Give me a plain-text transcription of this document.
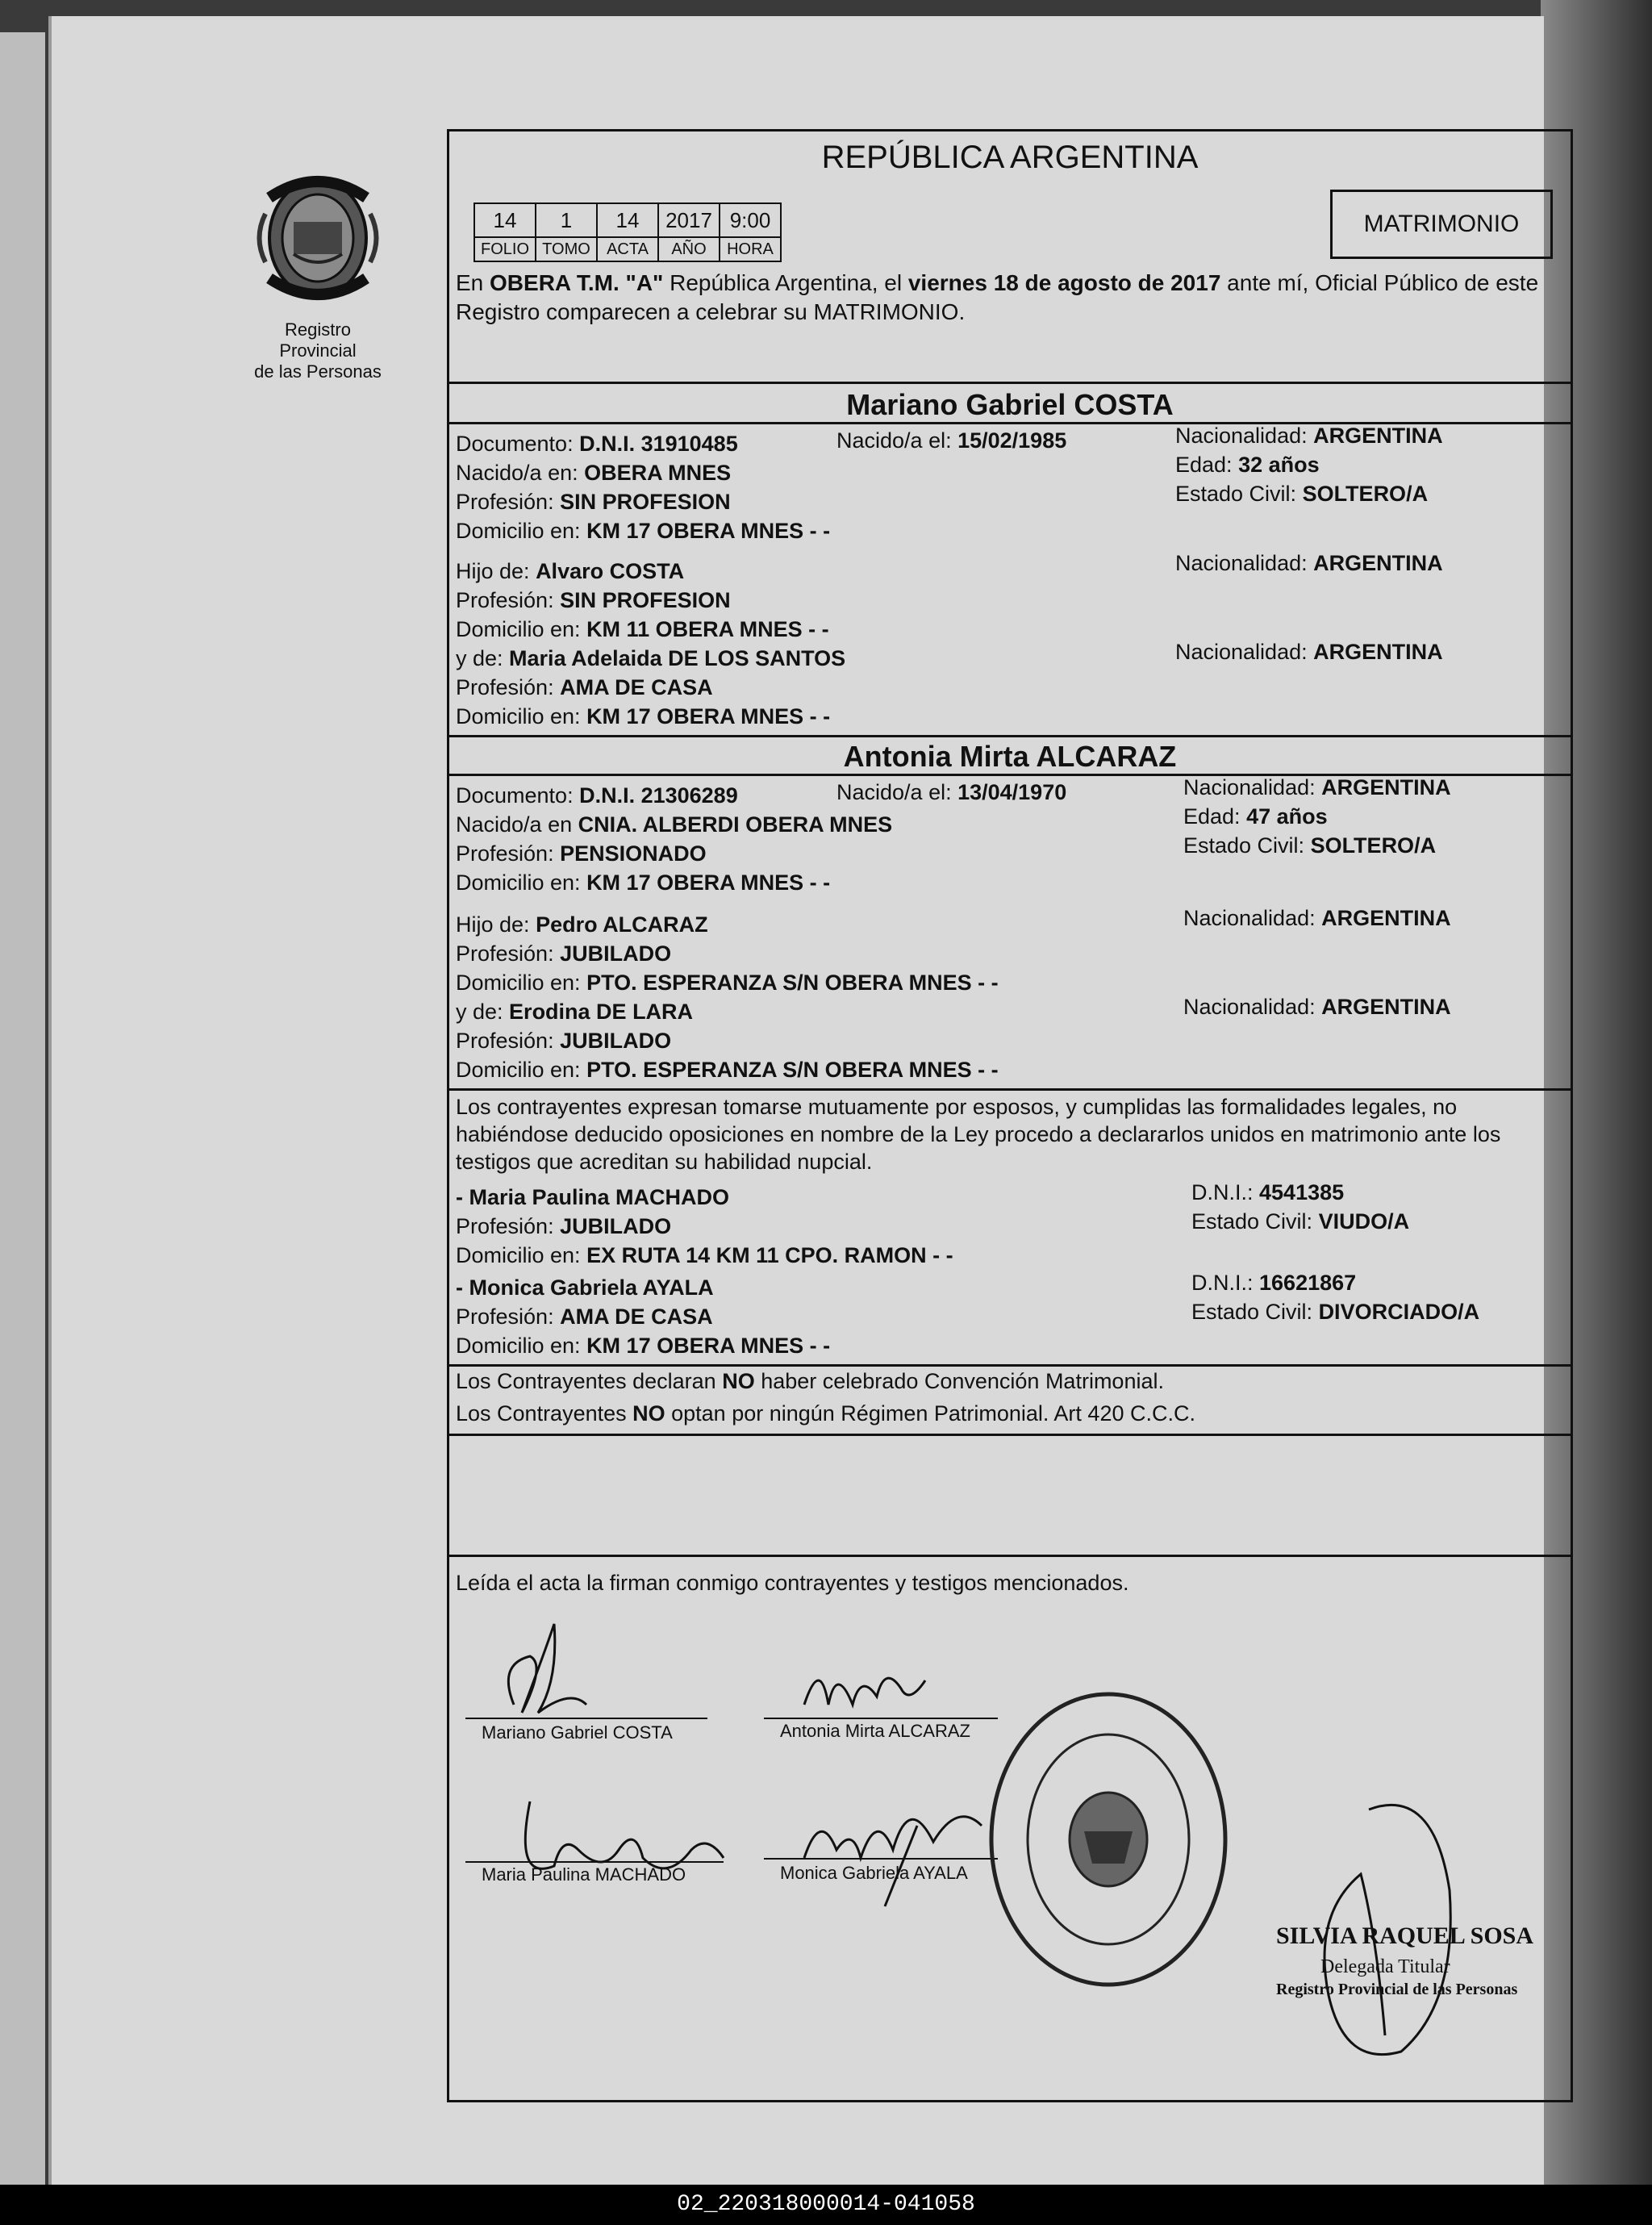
Registro Provincial
de las Personas
REPÚBLICA ARGENTINA
14	1	14	2017	9:00
FOLIO	TOMO	ACTA	AÑO	HORA
MATRIMONIO
En OBERA T.M. "A" República Argentina, el viernes 18 de agosto de 2017 ante mí, Oficial Público de este Registro comparecen a celebrar su MATRIMONIO.
Mariano Gabriel COSTA
Documento: D.N.I. 31910485	Nacido/a el: 15/02/1985	Nacionalidad: ARGENTINA
Edad: 32 años
Estado Civil: SOLTERO/A
Nacido/a en: OBERA MNES
Profesión: SIN PROFESION
Domicilio en: KM 17 OBERA MNES - -
Hijo de: Alvaro COSTA	Nacionalidad: ARGENTINA
Profesión: SIN PROFESION
Domicilio en: KM 11 OBERA MNES - -
y de: Maria Adelaida DE LOS SANTOS	Nacionalidad: ARGENTINA
Profesión: AMA DE CASA
Domicilio en: KM 17 OBERA MNES - -
Antonia Mirta ALCARAZ
Documento: D.N.I. 21306289	Nacido/a el: 13/04/1970	Nacionalidad: ARGENTINA
Edad: 47 años
Estado Civil: SOLTERO/A
Nacido/a en CNIA. ALBERDI OBERA MNES
Profesión: PENSIONADO
Domicilio en: KM 17 OBERA MNES - -
Hijo de: Pedro ALCARAZ	Nacionalidad: ARGENTINA
Profesión: JUBILADO
Domicilio en: PTO. ESPERANZA S/N OBERA MNES - -
y de: Erodina DE LARA	Nacionalidad: ARGENTINA
Profesión: JUBILADO
Domicilio en: PTO. ESPERANZA S/N OBERA MNES - -
Los contrayentes expresan tomarse mutuamente por esposos, y cumplidas las formalidades legales, no habiéndose deducido oposiciones en nombre de la Ley procedo a declararlos unidos en matrimonio ante los testigos que acreditan su habilidad nupcial.
- Maria Paulina MACHADO	D.N.I.: 4541385
Profesión: JUBILADO	Estado Civil: VIUDO/A
Domicilio en: EX RUTA 14 KM 11 CPO. RAMON - -
- Monica Gabriela AYALA	D.N.I.: 16621867
Profesión: AMA DE CASA	Estado Civil: DIVORCIADO/A
Domicilio en: KM 17 OBERA MNES - -
Los Contrayentes declaran NO haber celebrado Convención Matrimonial.
Los Contrayentes NO optan por ningún Régimen Patrimonial. Art 420 C.C.C.
Leída el acta la firman conmigo contrayentes y testigos mencionados.
Mariano Gabriel COSTA	Antonia Mirta ALCARAZ
Maria Paulina MACHADO	Monica Gabriela AYALA
SILVIA RAQUEL SOSA
Delegada Titular
Registro Provincial de las Personas
02_220318000014-041058
